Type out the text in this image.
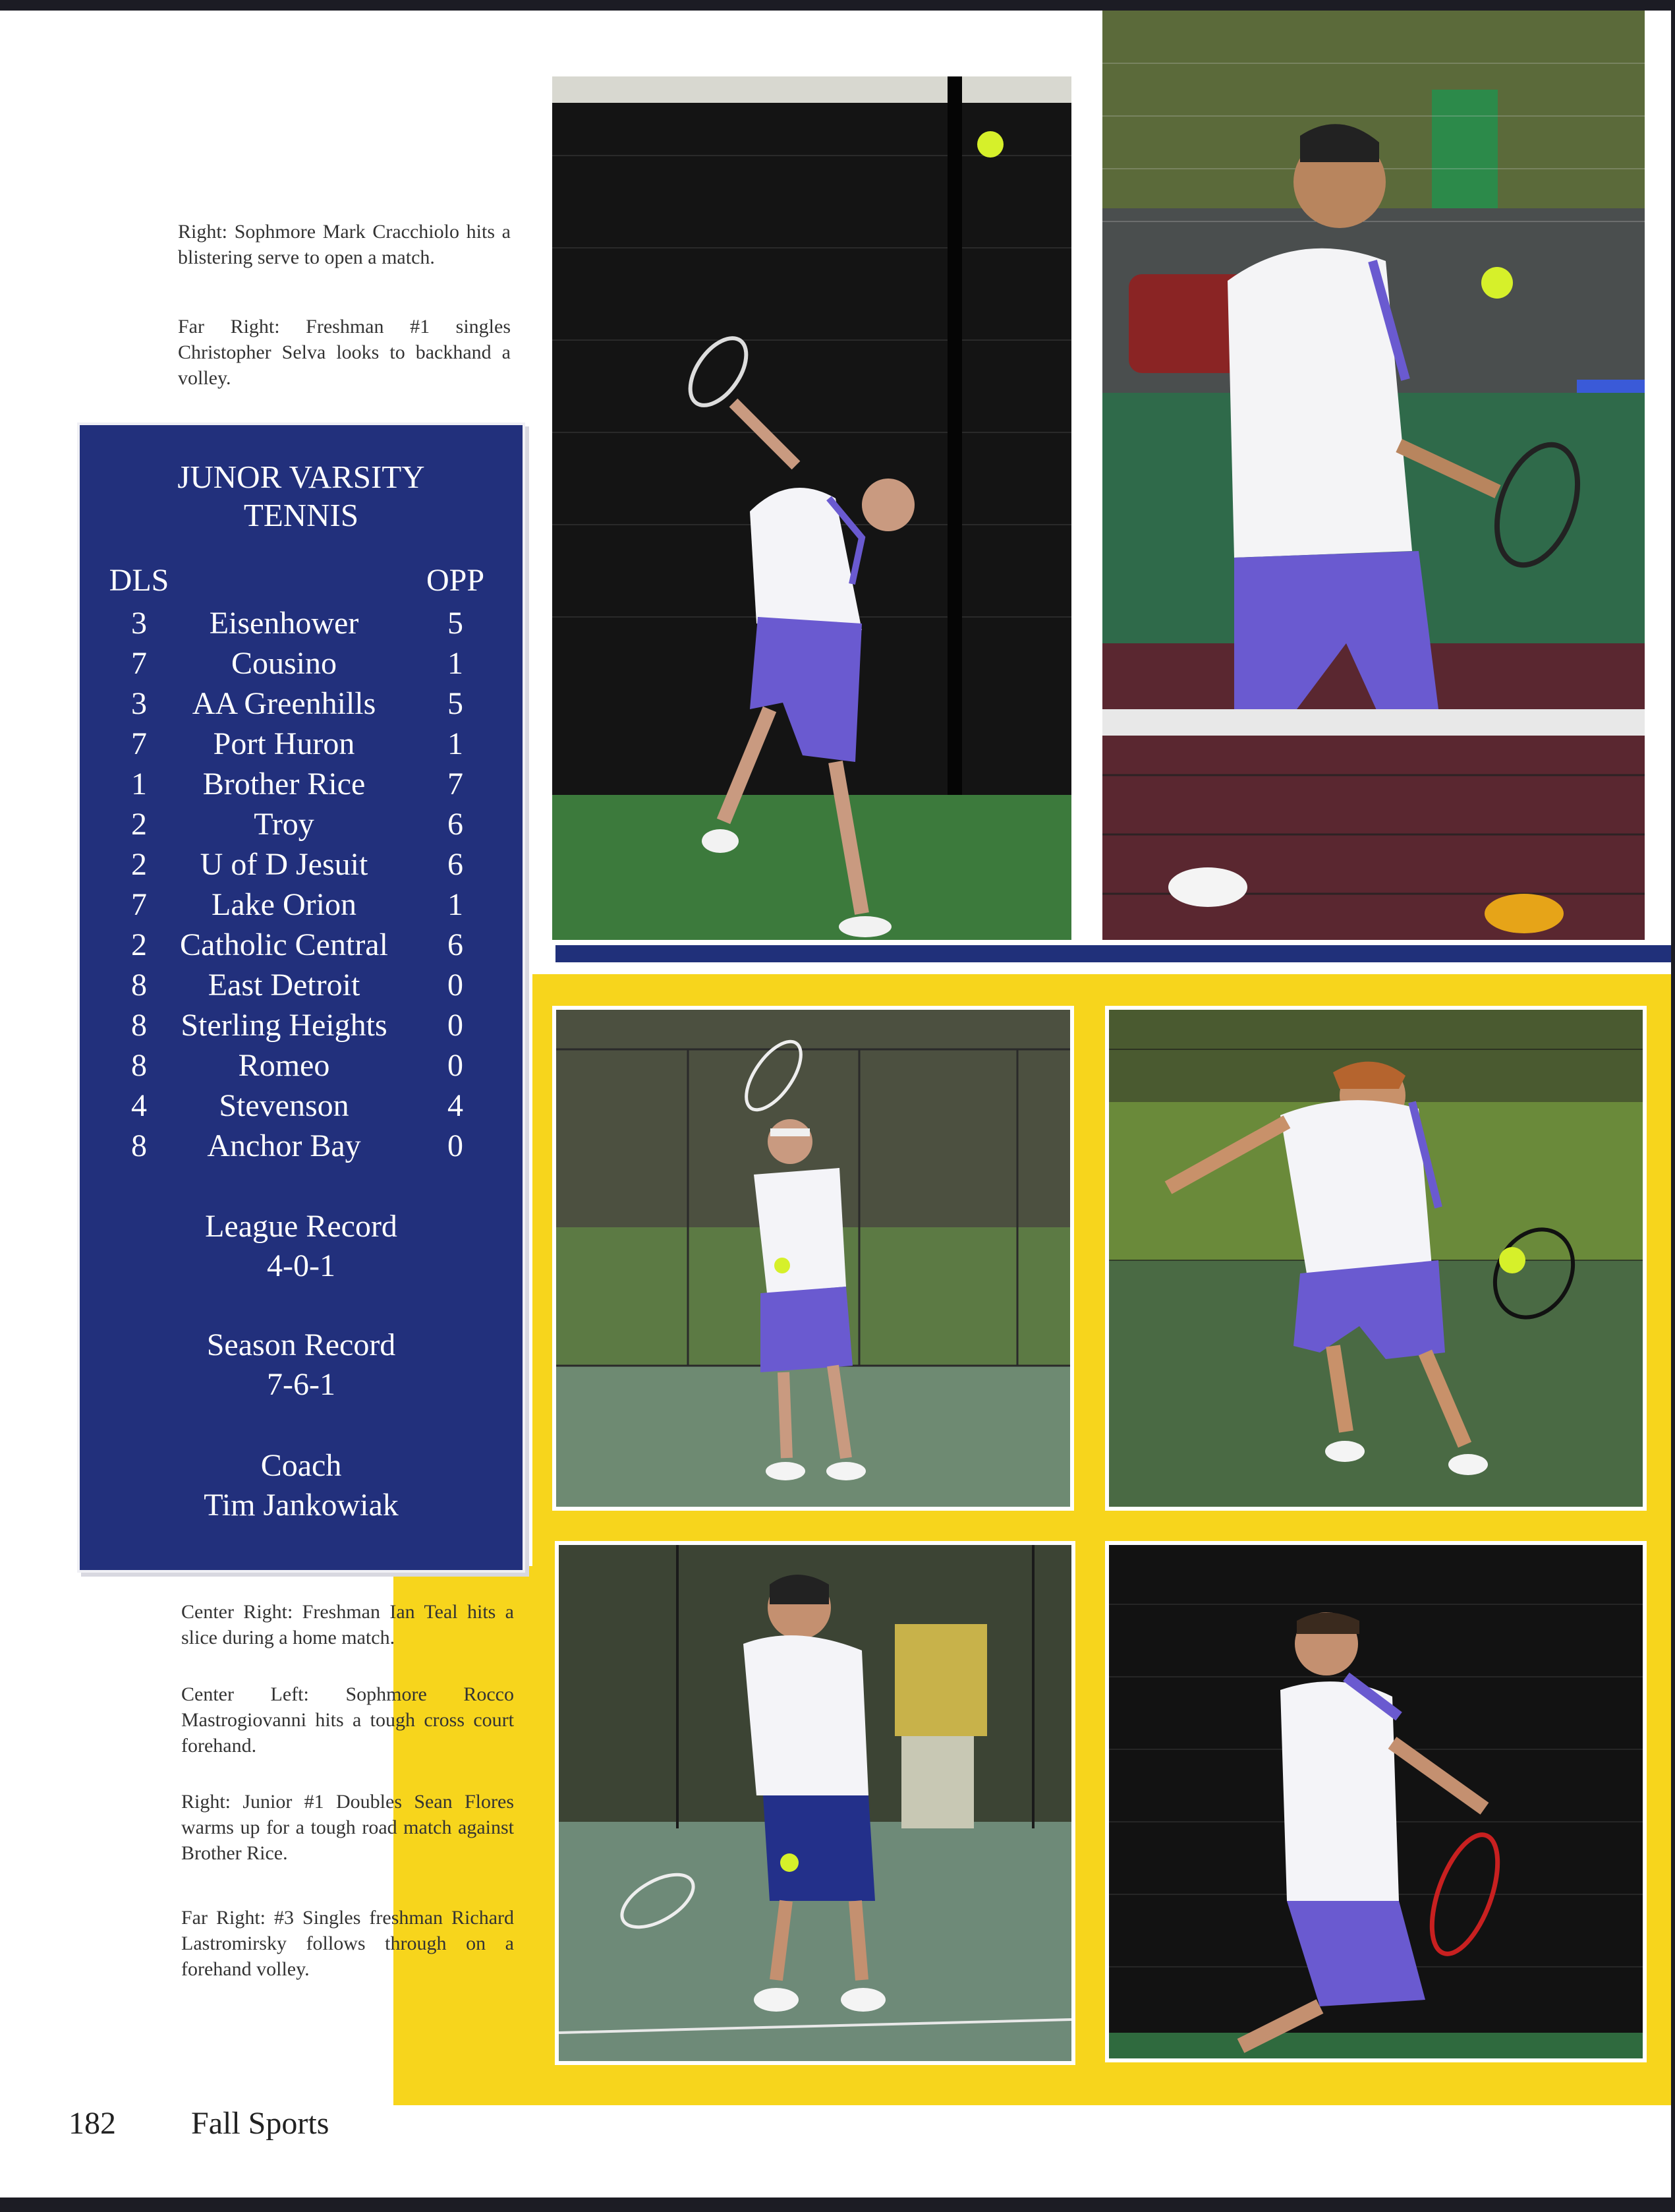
Right: Sophmore Mark Cracchiolo hits a blistering serve to open a match.

Far Right: Freshman #1 singles Christopher Selva looks to backhand a volley.

JUNOR VARSITY
TENNIS
DLS	OPP
3	Eisenhower	5
7	Cousino	1
3	AA Greenhills	5
7	Port Huron	1
1	Brother Rice	7
2	Troy	6
2	U of D Jesuit	6
7	Lake Orion	1
2	Catholic Central	6
8	East Detroit	0
8	Sterling Heights	0
8	Romeo	0
4	Stevenson	4
8	Anchor Bay	0
League Record
4-0-1
Season Record
7-6-1
Coach
Tim Jankowiak

Center Right: Freshman Ian Teal hits a slice during a home match.

Center Left: Sophmore Rocco Mastrogiovanni hits a tough cross court forehand.

Right: Junior #1 Doubles Sean Flores warms up for a tough road match against Brother Rice.

Far Right: #3 Singles freshman Richard Lastromirsky follows through on a forehand volley.

182 Fall Sports
